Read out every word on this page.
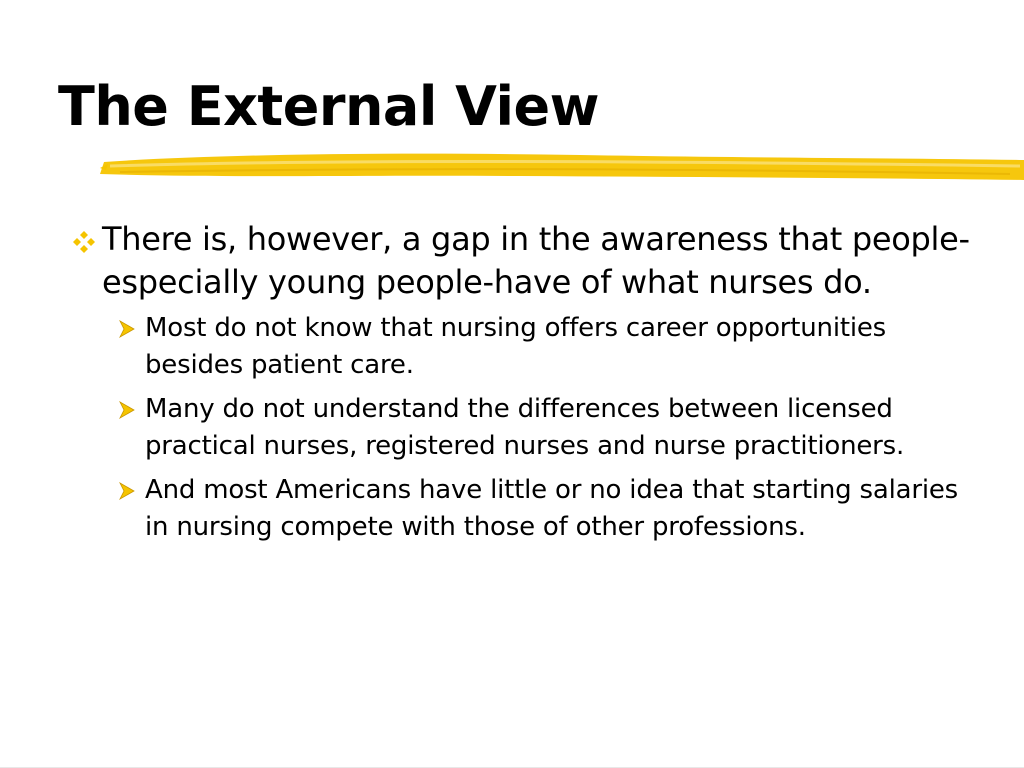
The External View
There is, however, a gap in the awareness that people-especially young people-have of what nurses do.
Most do not know that nursing offers career opportunities besides patient care.
Many do not understand the differences between licensed practical nurses, registered nurses and nurse practitioners.
And most Americans have little or no idea that starting salaries in nursing compete with those of other professions.
